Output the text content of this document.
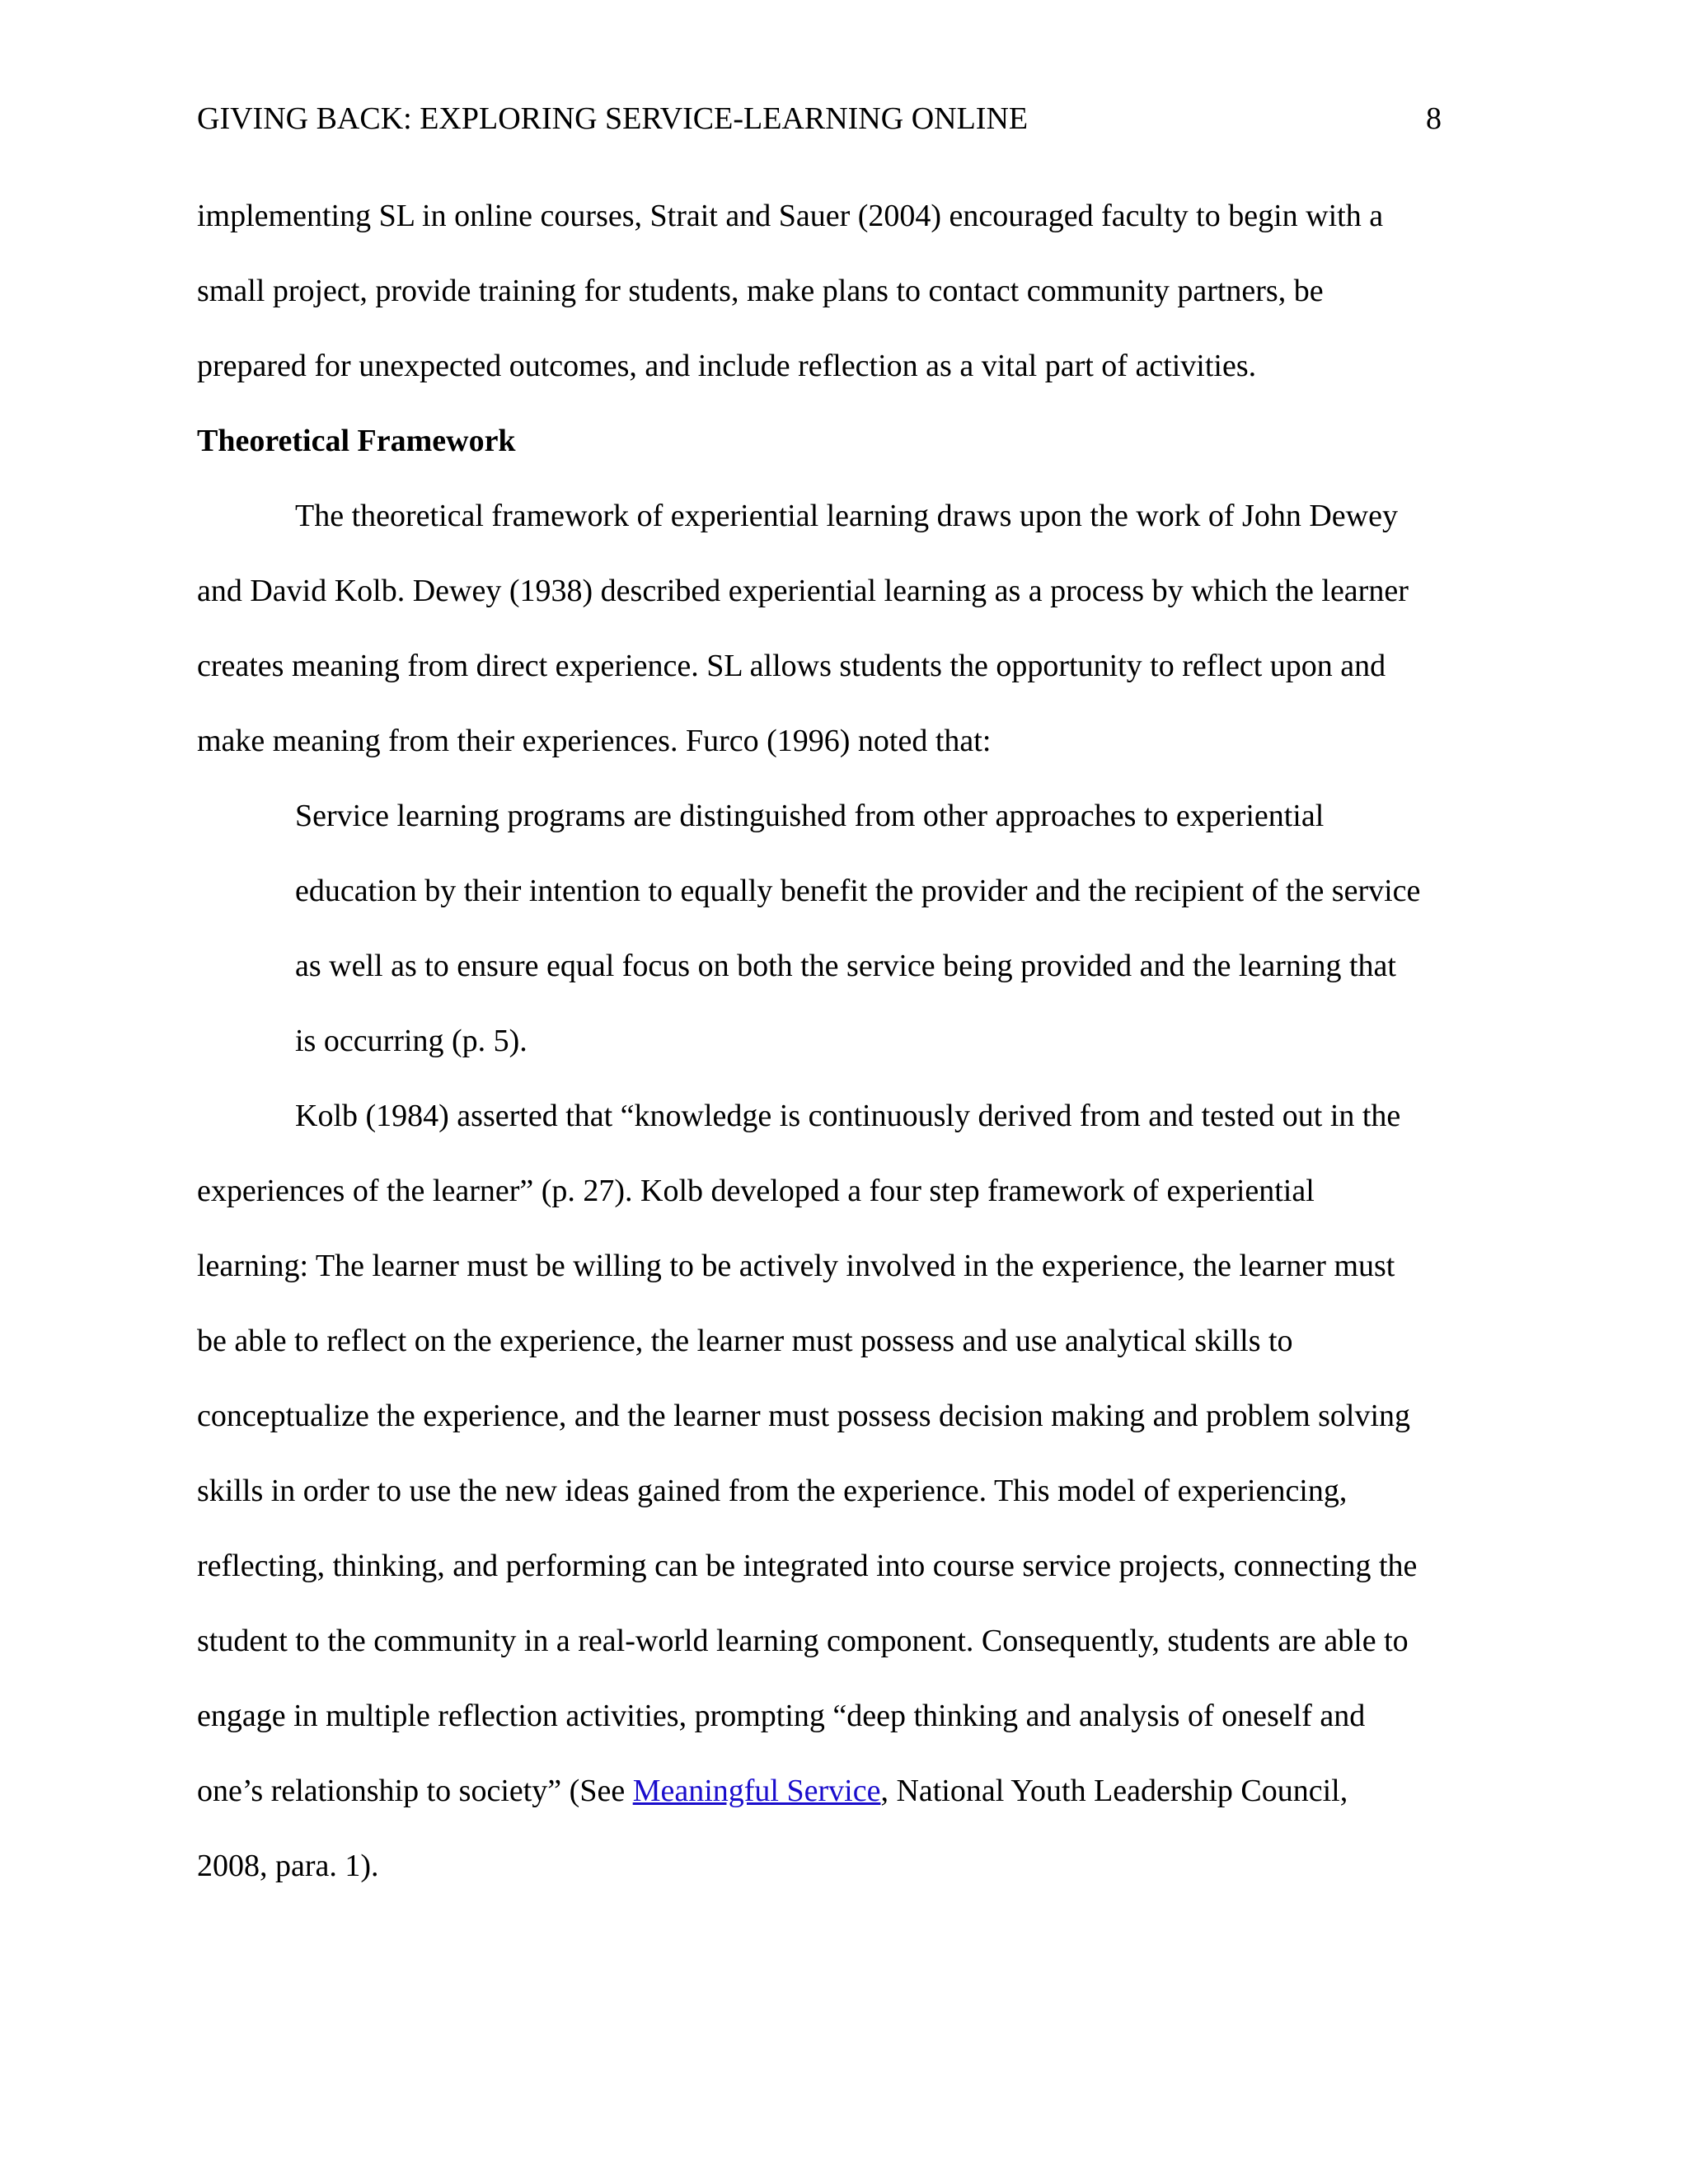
GIVING BACK: EXPLORING SERVICE-LEARNING ONLINE	8
implementing SL in online courses, Strait and Sauer (2004) encouraged faculty to begin with a
small project, provide training for students, make plans to contact community partners, be
prepared for unexpected outcomes, and include reflection as a vital part of activities.
Theoretical Framework
The theoretical framework of experiential learning draws upon the work of John Dewey
and David Kolb. Dewey (1938) described experiential learning as a process by which the learner
creates meaning from direct experience. SL allows students the opportunity to reflect upon and
make meaning from their experiences. Furco (1996) noted that:
Service learning programs are distinguished from other approaches to experiential
education by their intention to equally benefit the provider and the recipient of the service
as well as to ensure equal focus on both the service being provided and the learning that
is occurring (p. 5).
Kolb (1984) asserted that “knowledge is continuously derived from and tested out in the
experiences of the learner” (p. 27). Kolb developed a four step framework of experiential
learning: The learner must be willing to be actively involved in the experience, the learner must
be able to reflect on the experience, the learner must possess and use analytical skills to
conceptualize the experience, and the learner must possess decision making and problem solving
skills in order to use the new ideas gained from the experience. This model of experiencing,
reflecting, thinking, and performing can be integrated into course service projects, connecting the
student to the community in a real-world learning component. Consequently, students are able to
engage in multiple reflection activities, prompting “deep thinking and analysis of oneself and
one’s relationship to society” (See Meaningful Service, National Youth Leadership Council,
2008, para. 1).
